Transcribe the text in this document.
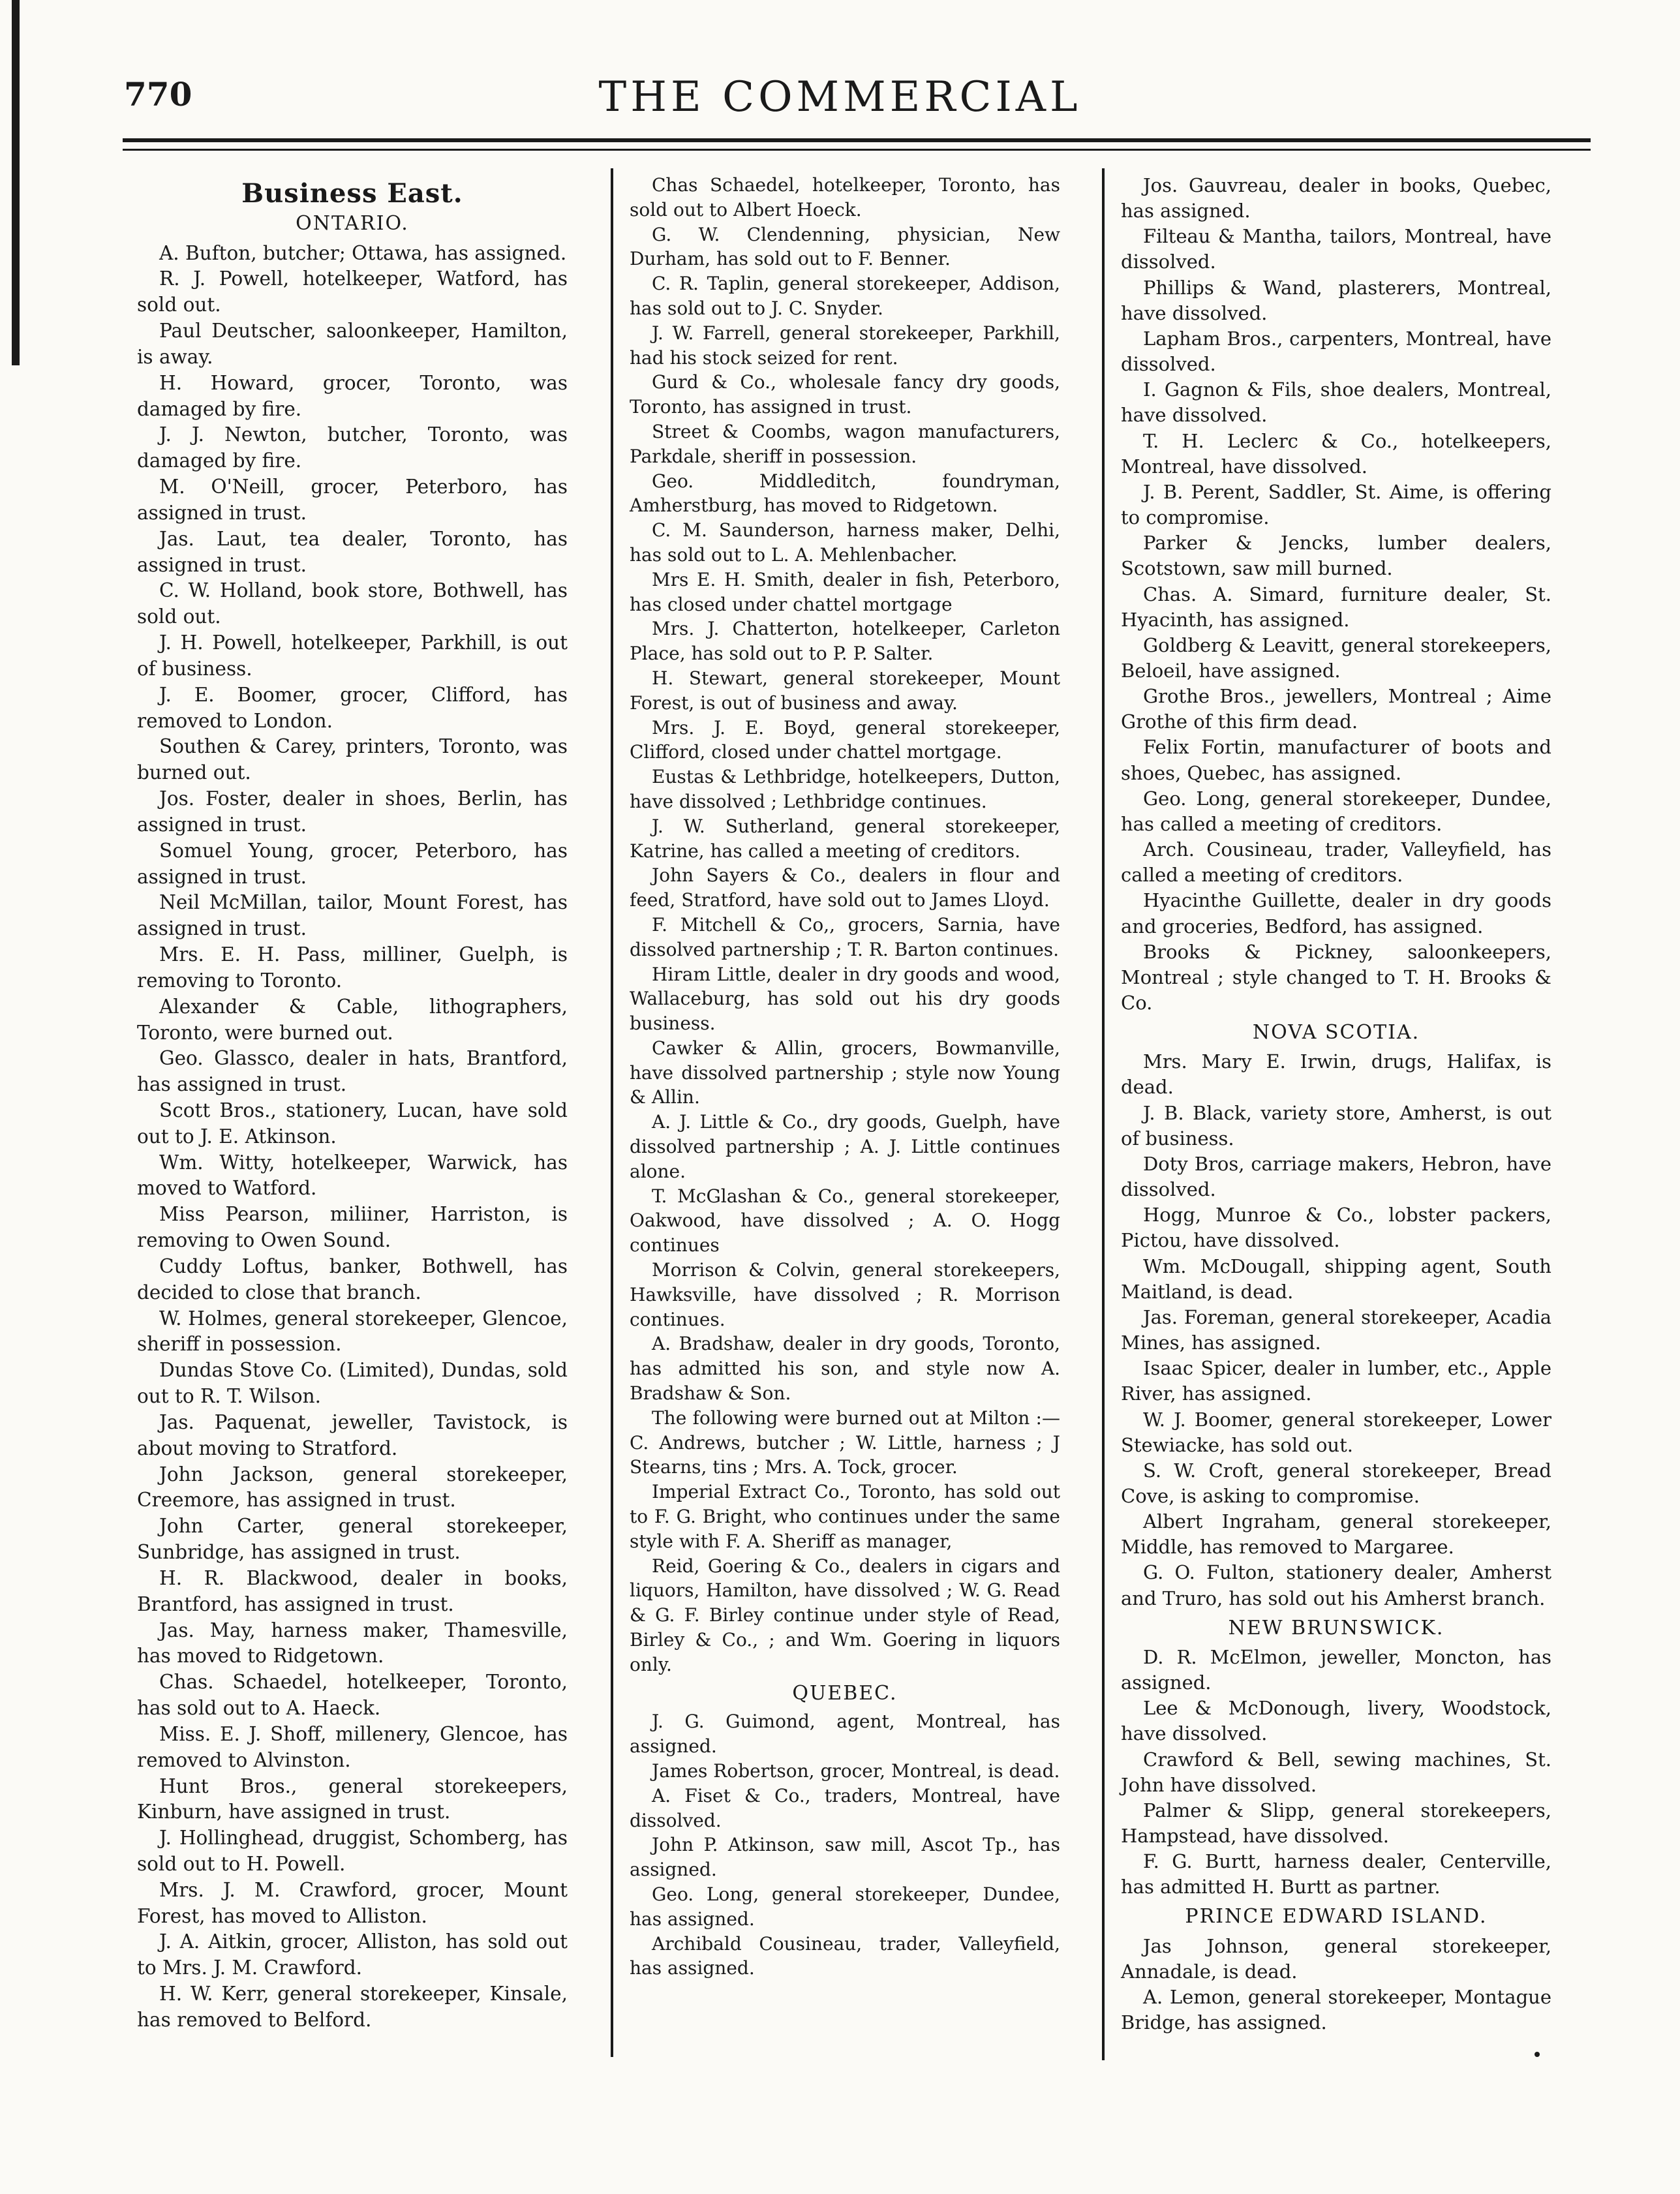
770	THE COMMERCIAL

Business East.

ONTARIO.

A. Bufton, butcher; Ottawa, has assigned.

R. J. Powell, hotelkeeper, Watford, has sold out.

Paul Deutscher, saloonkeeper, Hamilton, is away.

H. Howard, grocer, Toronto, was damaged by fire.

J. J. Newton, butcher, Toronto, was damaged by fire.

M. O'Neill, grocer, Peterboro, has assigned in trust.

Jas. Laut, tea dealer, Toronto, has assigned in trust.

C. W. Holland, book store, Bothwell, has sold out.

J. H. Powell, hotelkeeper, Parkhill, is out of business.

J. E. Boomer, grocer, Clifford, has removed to London.

Southen & Carey, printers, Toronto, was burned out.

Jos. Foster, dealer in shoes, Berlin, has assigned in trust.

Somuel Young, grocer, Peterboro, has assigned in trust.

Neil McMillan, tailor, Mount Forest, has assigned in trust.

Mrs. E. H. Pass, milliner, Guelph, is removing to Toronto.

Alexander & Cable, lithographers, Toronto, were burned out.

Geo. Glassco, dealer in hats, Brantford, has assigned in trust.

Scott Bros., stationery, Lucan, have sold out to J. E. Atkinson.

Wm. Witty, hotelkeeper, Warwick, has moved to Watford.

Miss Pearson, miliiner, Harriston, is removing to Owen Sound.

Cuddy Loftus, banker, Bothwell, has decided to close that branch.

W. Holmes, general storekeeper, Glencoe, sheriff in possession.

Dundas Stove Co. (Limited), Dundas, sold out to R. T. Wilson.

Jas. Paquenat, jeweller, Tavistock, is about moving to Stratford.

John Jackson, general storekeeper, Creemore, has assigned in trust.

John Carter, general storekeeper, Sunbridge, has assigned in trust.

H. R. Blackwood, dealer in books, Brantford, has assigned in trust.

Jas. May, harness maker, Thamesville, has moved to Ridgetown.

Chas. Schaedel, hotelkeeper, Toronto, has sold out to A. Haeck.

Miss. E. J. Shoff, millenery, Glencoe, has removed to Alvinston.

Hunt Bros., general storekeepers, Kinburn, have assigned in trust.

J. Hollinghead, druggist, Schomberg, has sold out to H. Powell.

Mrs. J. M. Crawford, grocer, Mount Forest, has moved to Alliston.

J. A. Aitkin, grocer, Alliston, has sold out to Mrs. J. M. Crawford.

H. W. Kerr, general storekeeper, Kinsale, has removed to Belford.

Chas Schaedel, hotelkeeper, Toronto, has sold out to Albert Hoeck.

G. W. Clendenning, physician, New Durham, has sold out to F. Benner.

C. R. Taplin, general storekeeper, Addison, has sold out to J. C. Snyder.

J. W. Farrell, general storekeeper, Parkhill, had his stock seized for rent.

Gurd & Co., wholesale fancy dry goods, Toronto, has assigned in trust.

Street & Coombs, wagon manufacturers, Parkdale, sheriff in possession.

Geo. Middleditch, foundryman, Amherstburg, has moved to Ridgetown.

C. M. Saunderson, harness maker, Delhi, has sold out to L. A. Mehlenbacher.

Mrs E. H. Smith, dealer in fish, Peterboro, has closed under chattel mortgage

Mrs. J. Chatterton, hotelkeeper, Carleton Place, has sold out to P. P. Salter.

H. Stewart, general storekeeper, Mount Forest, is out of business and away.

Mrs. J. E. Boyd, general storekeeper, Clifford, closed under chattel mortgage.

Eustas & Lethbridge, hotelkeepers, Dutton, have dissolved ; Lethbridge continues.

J. W. Sutherland, general storekeeper, Katrine, has called a meeting of creditors.

John Sayers & Co., dealers in flour and feed, Stratford, have sold out to James Lloyd.

F. Mitchell & Co,, grocers, Sarnia, have dissolved partnership ; T. R. Barton continues.

Hiram Little, dealer in dry goods and wood, Wallaceburg, has sold out his dry goods business.

Cawker & Allin, grocers, Bowmanville, have dissolved partnership ; style now Young & Allin.

A. J. Little & Co., dry goods, Guelph, have dissolved partnership ; A. J. Little continues alone.

T. McGlashan & Co., general storekeeper, Oakwood, have dissolved ; A. O. Hogg continues

Morrison & Colvin, general storekeepers, Hawksville, have dissolved ; R. Morrison continues.

A. Bradshaw, dealer in dry goods, Toronto, has admitted his son, and style now A. Bradshaw & Son.

The following were burned out at Milton :— C. Andrews, butcher ; W. Little, harness ; J Stearns, tins ; Mrs. A. Tock, grocer.

Imperial Extract Co., Toronto, has sold out to F. G. Bright, who continues under the same style with F. A. Sheriff as manager,

Reid, Goering & Co., dealers in cigars and liquors, Hamilton, have dissolved ; W. G. Read & G. F. Birley continue under style of Read, Birley & Co., ; and Wm. Goering in liquors only.

QUEBEC.

J. G. Guimond, agent, Montreal, has assigned.

James Robertson, grocer, Montreal, is dead.

A. Fiset & Co., traders, Montreal, have dissolved.

John P. Atkinson, saw mill, Ascot Tp., has assigned.

Geo. Long, general storekeeper, Dundee, has assigned.

Archibald Cousineau, trader, Valleyfield, has assigned.

Jos. Gauvreau, dealer in books, Quebec, has assigned.

Filteau & Mantha, tailors, Montreal, have dissolved.

Phillips & Wand, plasterers, Montreal, have dissolved.

Lapham Bros., carpenters, Montreal, have dissolved.

I. Gagnon & Fils, shoe dealers, Montreal, have dissolved.

T. H. Leclerc & Co., hotelkeepers, Montreal, have dissolved.

J. B. Perent, Saddler, St. Aime, is offering to compromise.

Parker & Jencks, lumber dealers, Scotstown, saw mill burned.

Chas. A. Simard, furniture dealer, St. Hyacinth, has assigned.

Goldberg & Leavitt, general storekeepers, Beloeil, have assigned.

Grothe Bros., jewellers, Montreal ; Aime Grothe of this firm dead.

Felix Fortin, manufacturer of boots and shoes, Quebec, has assigned.

Geo. Long, general storekeeper, Dundee, has called a meeting of creditors.

Arch. Cousineau, trader, Valleyfield, has called a meeting of creditors.

Hyacinthe Guillette, dealer in dry goods and groceries, Bedford, has assigned.

Brooks & Pickney, saloonkeepers, Montreal ; style changed to T. H. Brooks & Co.

NOVA SCOTIA.

Mrs. Mary E. Irwin, drugs, Halifax, is dead.

J. B. Black, variety store, Amherst, is out of business.

Doty Bros, carriage makers, Hebron, have dissolved.

Hogg, Munroe & Co., lobster packers, Pictou, have dissolved.

Wm. McDougall, shipping agent, South Maitland, is dead.

Jas. Foreman, general storekeeper, Acadia Mines, has assigned.

Isaac Spicer, dealer in lumber, etc., Apple River, has assigned.

W. J. Boomer, general storekeeper, Lower Stewiacke, has sold out.

S. W. Croft, general storekeeper, Bread Cove, is asking to compromise.

Albert Ingraham, general storekeeper, Middle, has removed to Margaree.

G. O. Fulton, stationery dealer, Amherst and Truro, has sold out his Amherst branch.

NEW BRUNSWICK.

D. R. McElmon, jeweller, Moncton, has assigned.

Lee & McDonough, livery, Woodstock, have dissolved.

Crawford & Bell, sewing machines, St. John have dissolved.

Palmer & Slipp, general storekeepers, Hampstead, have dissolved.

F. G. Burtt, harness dealer, Centerville, has admitted H. Burtt as partner.

PRINCE EDWARD ISLAND.

Jas Johnson, general storekeeper, Annadale, is dead.

A. Lemon, general storekeeper, Montague Bridge, has assigned.
